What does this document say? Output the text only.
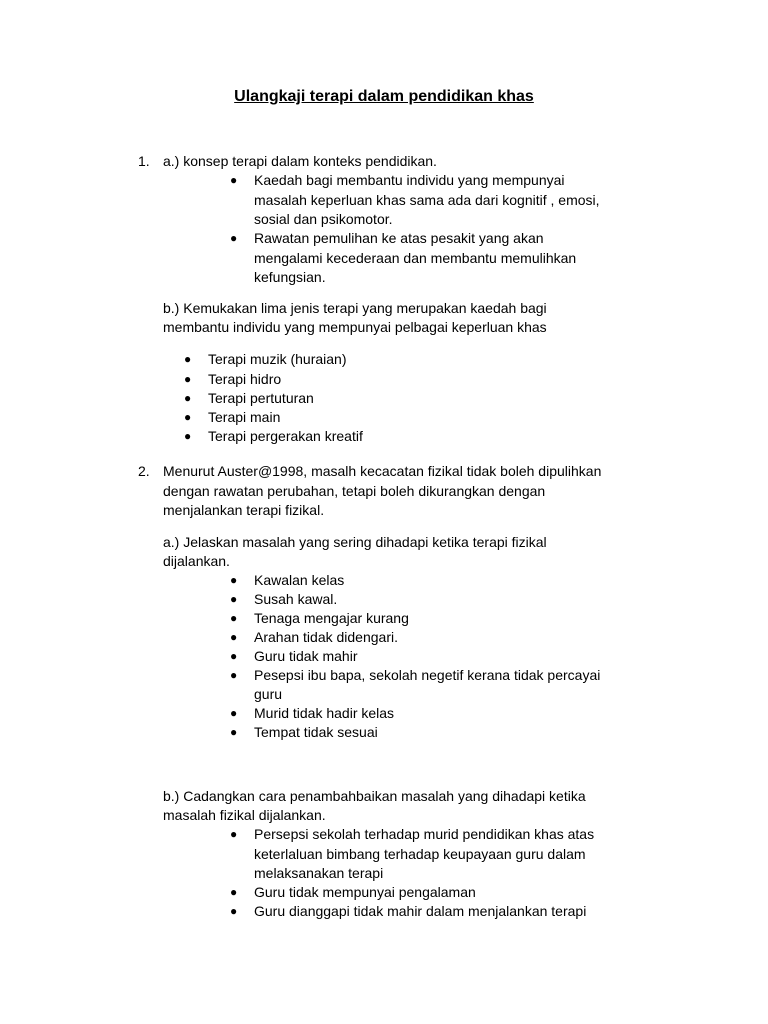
Ulangkaji terapi dalam pendidikan khas
1. a.) konsep terapi dalam konteks pendidikan.
● Kaedah bagi membantu individu yang mempunyai
masalah keperluan khas sama ada dari kognitif , emosi,
sosial dan psikomotor.
● Rawatan pemulihan ke atas pesakit yang akan
mengalami kecederaan dan membantu memulihkan
kefungsian.
b.) Kemukakan lima jenis terapi yang merupakan kaedah bagi
membantu individu yang mempunyai pelbagai keperluan khas
● Terapi muzik (huraian)
● Terapi hidro
● Terapi pertuturan
● Terapi main
● Terapi pergerakan kreatif
2. Menurut Auster@1998, masalh kecacatan fizikal tidak boleh dipulihkan
dengan rawatan perubahan, tetapi boleh dikurangkan dengan
menjalankan terapi fizikal.
a.) Jelaskan masalah yang sering dihadapi ketika terapi fizikal
dijalankan.
● Kawalan kelas
● Susah kawal.
● Tenaga mengajar kurang
● Arahan tidak didengari.
● Guru tidak mahir
● Pesepsi ibu bapa, sekolah negetif kerana tidak percayai
guru
● Murid tidak hadir kelas
● Tempat tidak sesuai
b.) Cadangkan cara penambahbaikan masalah yang dihadapi ketika
masalah fizikal dijalankan.
● Persepsi sekolah terhadap murid pendidikan khas atas
keterlaluan bimbang terhadap keupayaan guru dalam
melaksanakan terapi
● Guru tidak mempunyai pengalaman
● Guru dianggapi tidak mahir dalam menjalankan terapi
